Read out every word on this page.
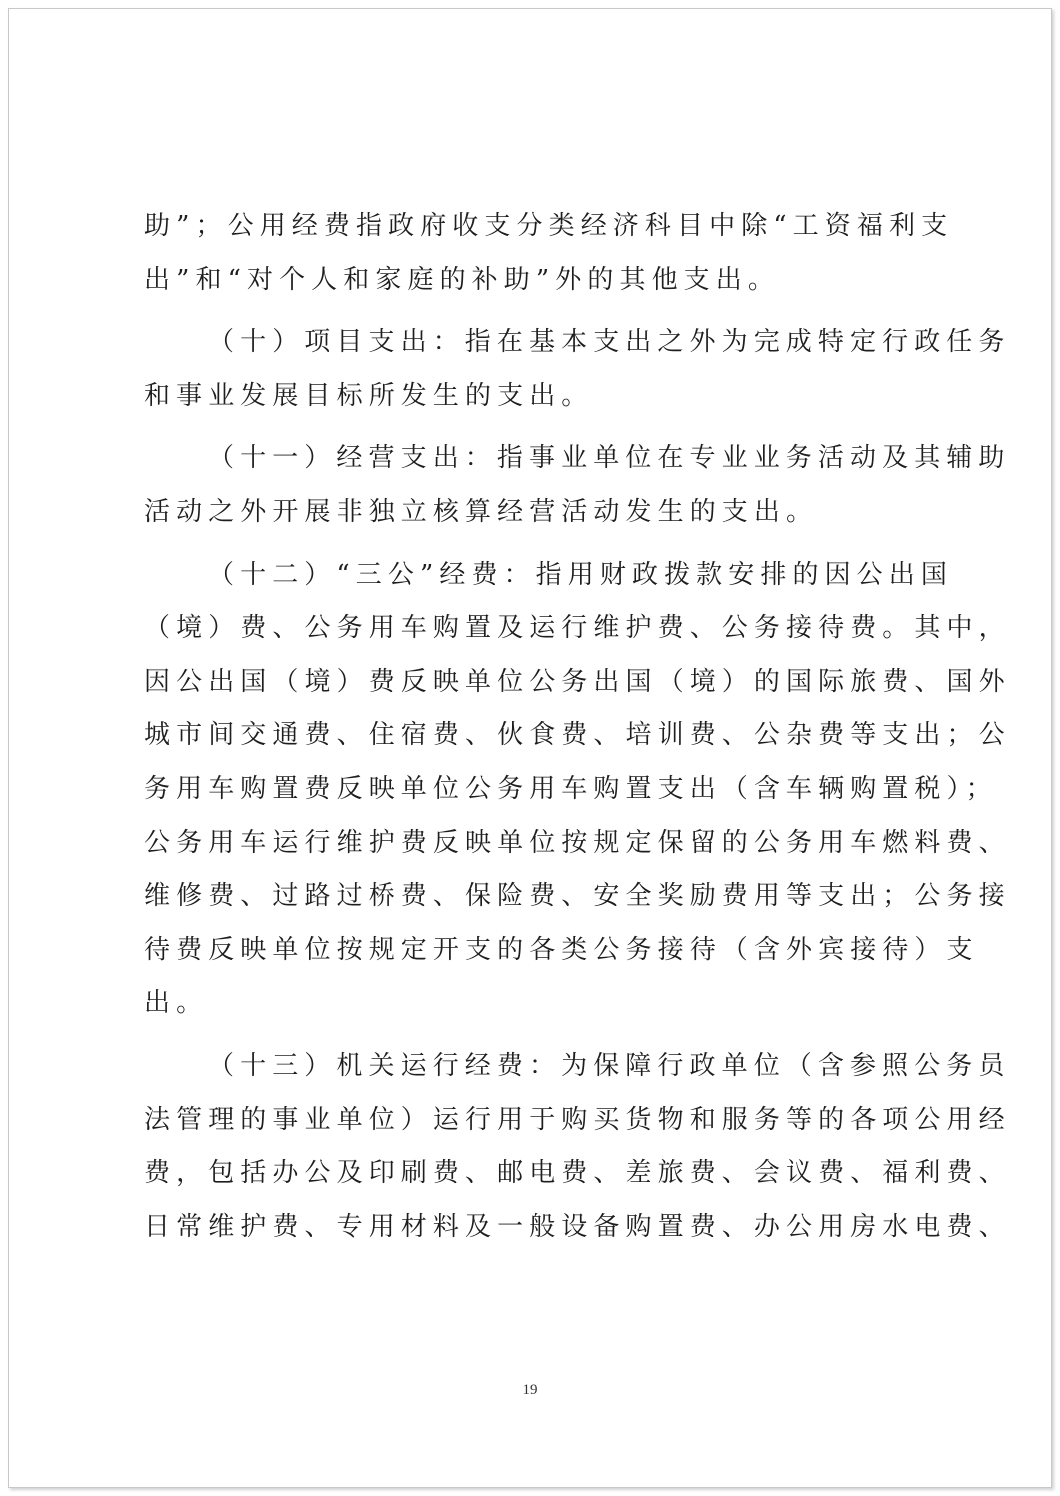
助”；公用经费指政府收支分类经济科目中除“工资福利支
出”和“对个人和家庭的补助”外的其他支出。
（十）项目支出：指在基本支出之外为完成特定行政任务
和事业发展目标所发生的支出。
（十一）经营支出：指事业单位在专业业务活动及其辅助
活动之外开展非独立核算经营活动发生的支出。
（十二）“三公”经费：指用财政拨款安排的因公出国
（境）费、公务用车购置及运行维护费、公务接待费。其中，
因公出国（境）费反映单位公务出国（境）的国际旅费、国外
城市间交通费、住宿费、伙食费、培训费、公杂费等支出；公
务用车购置费反映单位公务用车购置支出（含车辆购置税）；
公务用车运行维护费反映单位按规定保留的公务用车燃料费、
维修费、过路过桥费、保险费、安全奖励费用等支出；公务接
待费反映单位按规定开支的各类公务接待（含外宾接待）支
出。
（十三）机关运行经费：为保障行政单位（含参照公务员
法管理的事业单位）运行用于购买货物和服务等的各项公用经
费，包括办公及印刷费、邮电费、差旅费、会议费、福利费、
日常维护费、专用材料及一般设备购置费、办公用房水电费、
19
